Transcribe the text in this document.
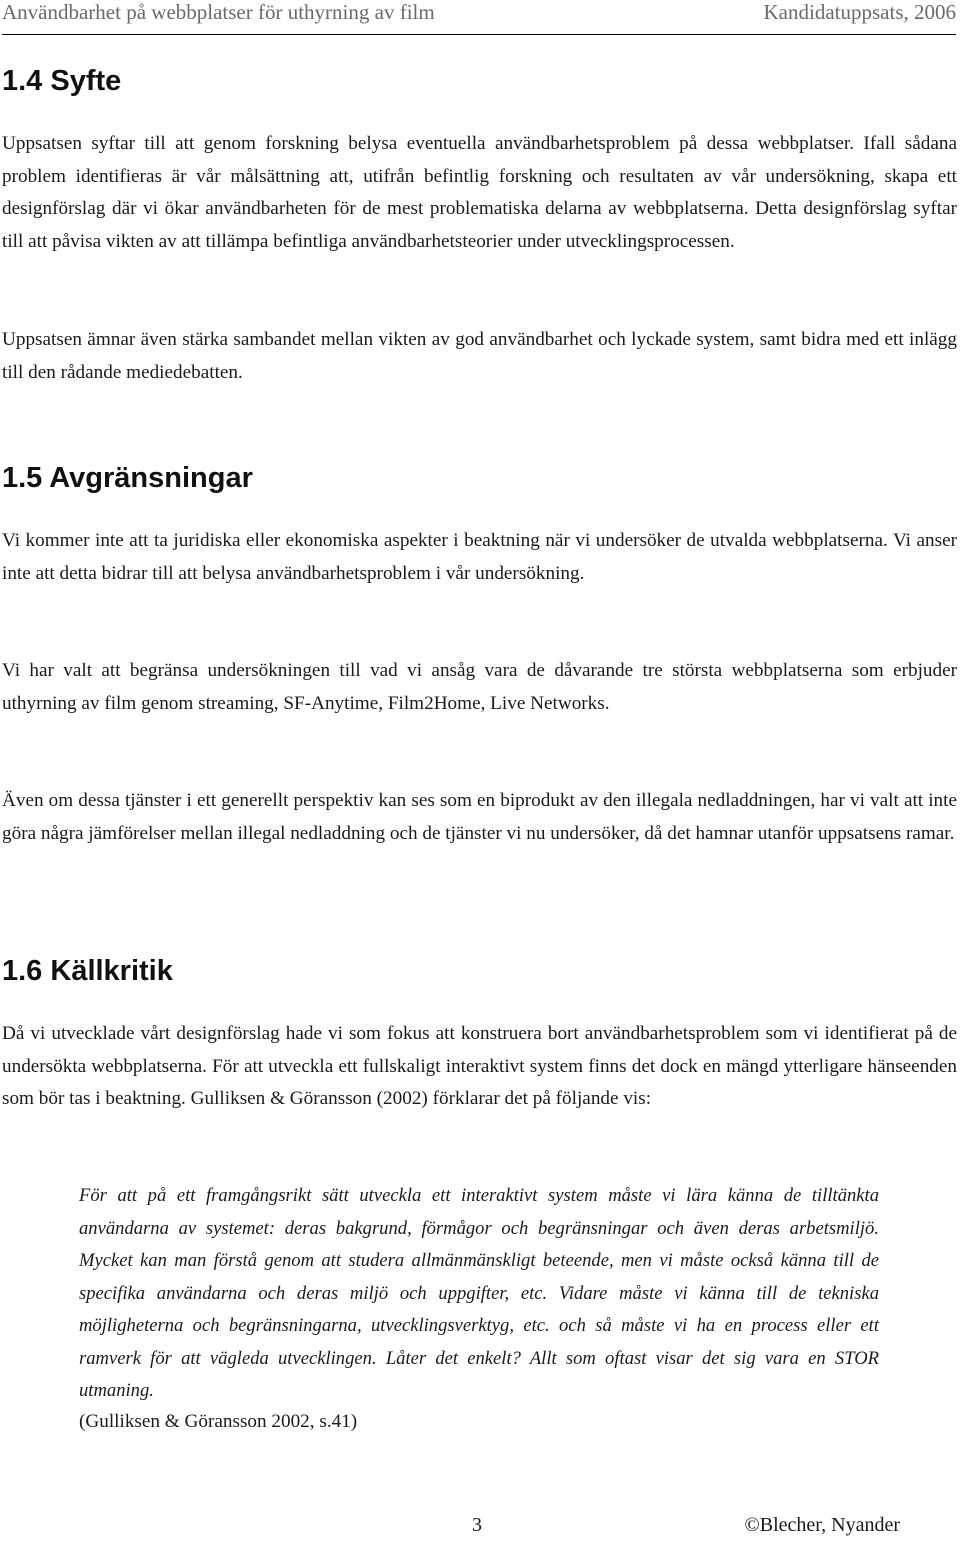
Användbarhet på webbplatser för uthyrning av film	Kandidatuppsats, 2006
1.4 Syfte

Uppsatsen syftar till att genom forskning belysa eventuella användbarhetsproblem på dessa webbplatser. Ifall sådana problem identifieras är vår målsättning att, utifrån befintlig forskning och resultaten av vår undersökning, skapa ett designförslag där vi ökar användbarheten för de mest problematiska delarna av webbplatserna. Detta designförslag syftar till att påvisa vikten av att tillämpa befintliga användbarhetsteorier under utvecklingsprocessen.

Uppsatsen ämnar även stärka sambandet mellan vikten av god användbarhet och lyckade system, samt bidra med ett inlägg till den rådande mediedebatten.

1.5 Avgränsningar

Vi kommer inte att ta juridiska eller ekonomiska aspekter i beaktning när vi undersöker de utvalda webbplatserna. Vi anser inte att detta bidrar till att belysa användbarhetsproblem i vår undersökning.

Vi har valt att begränsa undersökningen till vad vi ansåg vara de dåvarande tre största webbplatserna som erbjuder uthyrning av film genom streaming, SF-Anytime, Film2Home, Live Networks.

Även om dessa tjänster i ett generellt perspektiv kan ses som en biprodukt av den illegala nedladdningen, har vi valt att inte göra några jämförelser mellan illegal nedladdning och de tjänster vi nu undersöker, då det hamnar utanför uppsatsens ramar.

1.6 Källkritik

Då vi utvecklade vårt designförslag hade vi som fokus att konstruera bort användbarhetsproblem som vi identifierat på de undersökta webbplatserna. För att utveckla ett fullskaligt interaktivt system finns det dock en mängd ytterligare hänseenden som bör tas i beaktning. Gulliksen & Göransson (2002) förklarar det på följande vis:

För att på ett framgångsrikt sätt utveckla ett interaktivt system måste vi lära känna de tilltänkta användarna av systemet: deras bakgrund, förmågor och begränsningar och även deras arbetsmiljö. Mycket kan man förstå genom att studera allmänmänskligt beteende, men vi måste också känna till de specifika användarna och deras miljö och uppgifter, etc. Vidare måste vi känna till de tekniska möjligheterna och begränsningarna, utvecklingsverktyg, etc. och så måste vi ha en process eller ett ramverk för att vägleda utvecklingen. Låter det enkelt? Allt som oftast visar det sig vara en STOR utmaning.

(Gulliksen & Göransson 2002, s.41)
3	©Blecher, Nyander
